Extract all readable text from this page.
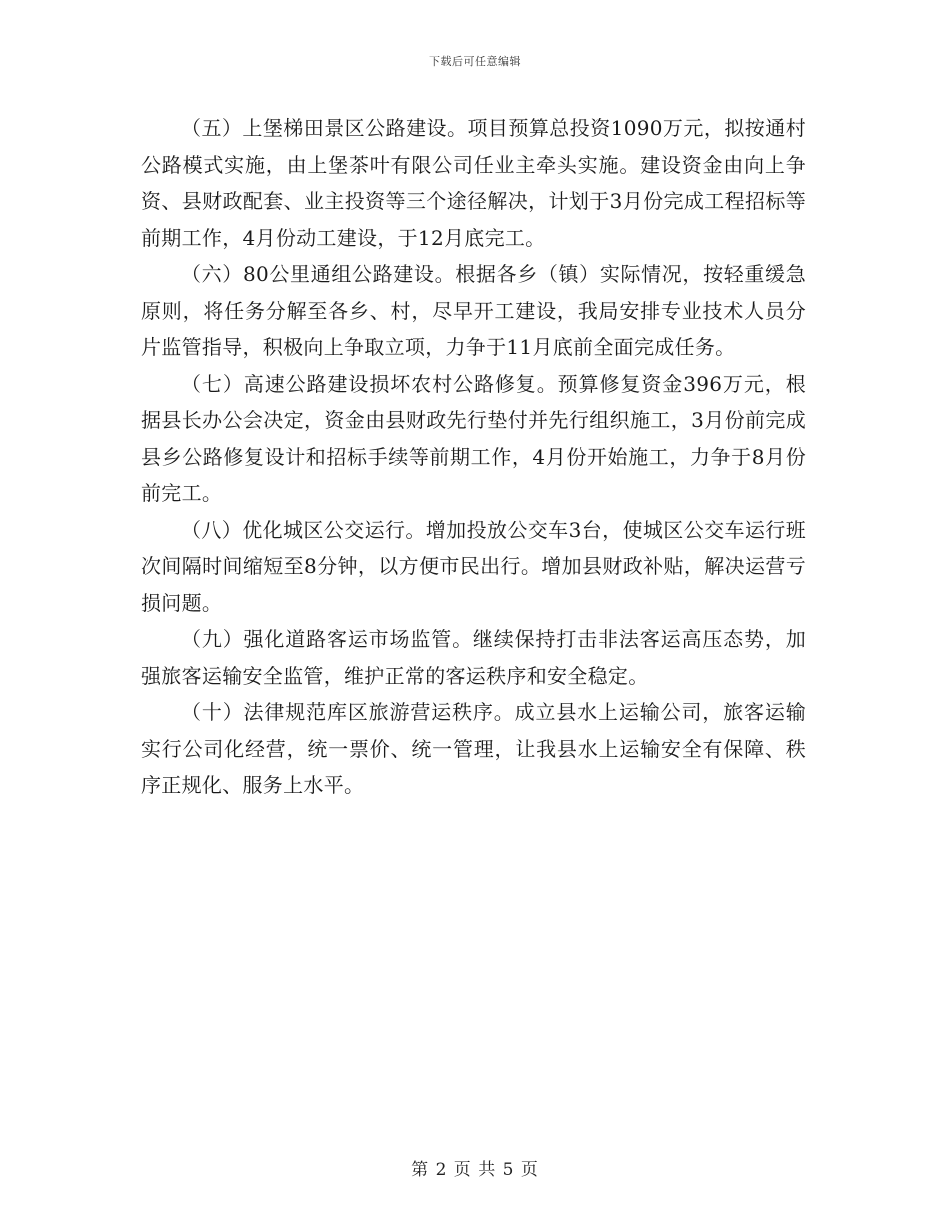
下载后可任意编辑

（五）上堡梯田景区公路建设。项目预算总投资1090万元，拟按通村公路模式实施，由上堡茶叶有限公司任业主牵头实施。建设资金由向上争资、县财政配套、业主投资等三个途径解决，计划于3月份完成工程招标等前期工作，4月份动工建设，于12月底完工。

（六）80公里通组公路建设。根据各乡（镇）实际情况，按轻重缓急原则，将任务分解至各乡、村，尽早开工建设，我局安排专业技术人员分片监管指导，积极向上争取立项，力争于11月底前全面完成任务。

（七）高速公路建设损坏农村公路修复。预算修复资金396万元，根据县长办公会决定，资金由县财政先行垫付并先行组织施工，3月份前完成县乡公路修复设计和招标手续等前期工作，4月份开始施工，力争于8月份前完工。

（八）优化城区公交运行。增加投放公交车3台，使城区公交车运行班次间隔时间缩短至8分钟，以方便市民出行。增加县财政补贴，解决运营亏损问题。

（九）强化道路客运市场监管。继续保持打击非法客运高压态势，加强旅客运输安全监管，维护正常的客运秩序和安全稳定。

（十）法律规范库区旅游营运秩序。成立县水上运输公司，旅客运输实行公司化经营，统一票价、统一管理，让我县水上运输安全有保障、秩序正规化、服务上水平。

第 2 页 共 5 页
